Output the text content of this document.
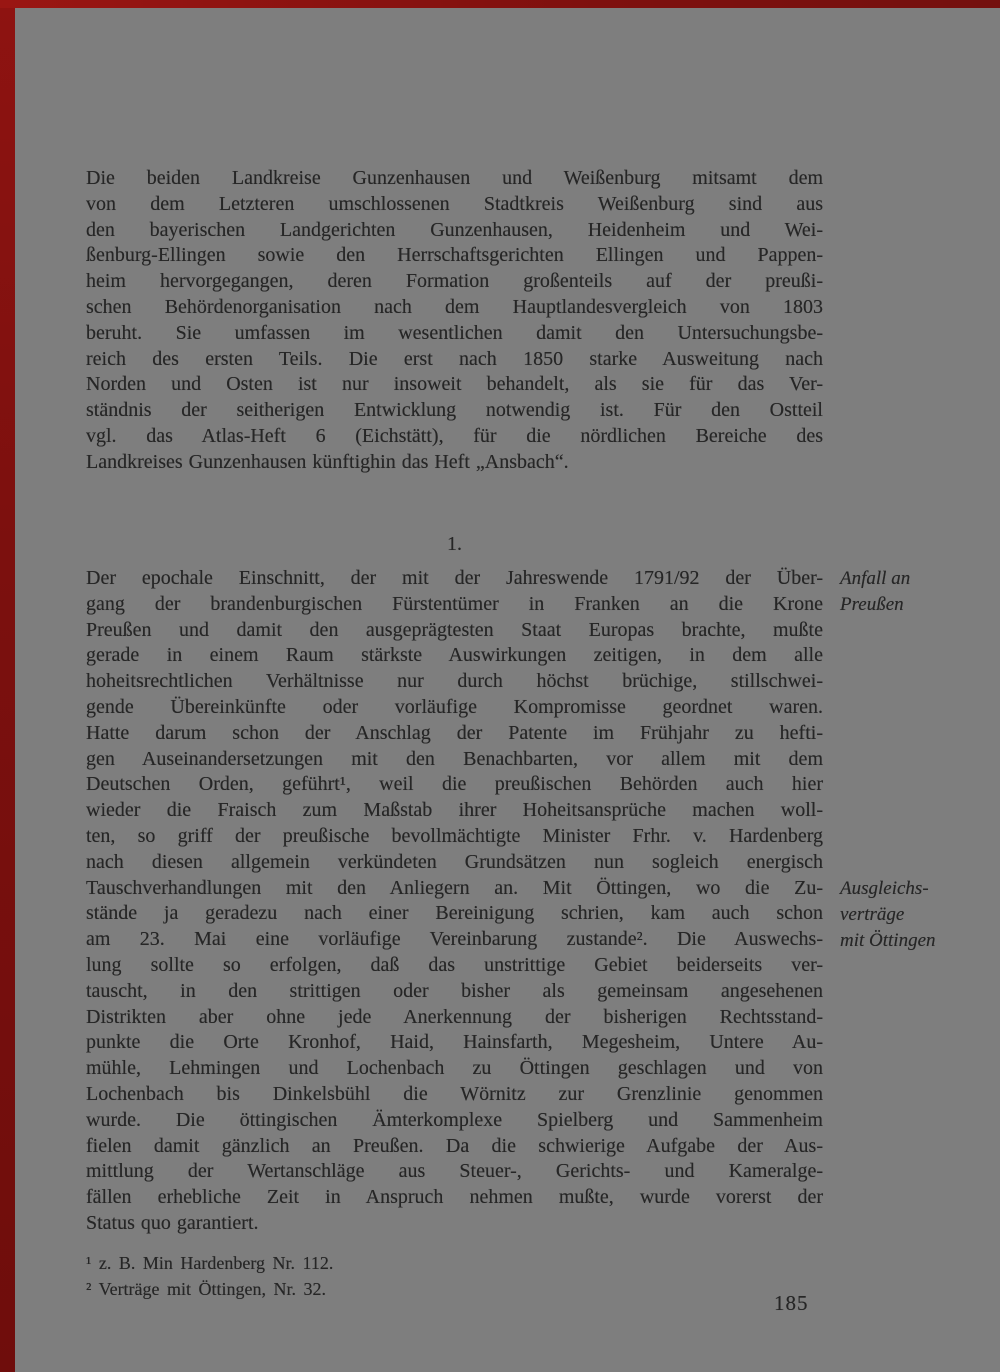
Die beiden Landkreise Gunzenhausen und Weißenburg mitsamt dem
von dem Letzteren umschlossenen Stadtkreis Weißenburg sind aus
den bayerischen Landgerichten Gunzenhausen, Heidenheim und Wei-
ßenburg-Ellingen sowie den Herrschaftsgerichten Ellingen und Pappen-
heim hervorgegangen, deren Formation großenteils auf der preußi-
schen Behördenorganisation nach dem Hauptlandesvergleich von 1803
beruht. Sie umfassen im wesentlichen damit den Untersuchungsbe-
reich des ersten Teils. Die erst nach 1850 starke Ausweitung nach
Norden und Osten ist nur insoweit behandelt, als sie für das Ver-
ständnis der seitherigen Entwicklung notwendig ist. Für den Ostteil
vgl. das Atlas-Heft 6 (Eichstätt), für die nördlichen Bereiche des
Landkreises Gunzenhausen künftighin das Heft „Ansbach“.
1.
Der epochale Einschnitt, der mit der Jahreswende 1791/92 der Über-
gang der brandenburgischen Fürstentümer in Franken an die Krone
Preußen und damit den ausgeprägtesten Staat Europas brachte, mußte
gerade in einem Raum stärkste Auswirkungen zeitigen, in dem alle
hoheitsrechtlichen Verhältnisse nur durch höchst brüchige, stillschwei-
gende Übereinkünfte oder vorläufige Kompromisse geordnet waren.
Hatte darum schon der Anschlag der Patente im Frühjahr zu hefti-
gen Auseinandersetzungen mit den Benachbarten, vor allem mit dem
Deutschen Orden, geführt¹, weil die preußischen Behörden auch hier
wieder die Fraisch zum Maßstab ihrer Hoheitsansprüche machen woll-
ten, so griff der preußische bevollmächtigte Minister Frhr. v. Hardenberg
nach diesen allgemein verkündeten Grundsätzen nun sogleich energisch
Tauschverhandlungen mit den Anliegern an. Mit Öttingen, wo die Zu-
stände ja geradezu nach einer Bereinigung schrien, kam auch schon
am 23. Mai eine vorläufige Vereinbarung zustande². Die Auswechs-
lung sollte so erfolgen, daß das unstrittige Gebiet beiderseits ver-
tauscht, in den strittigen oder bisher als gemeinsam angesehenen
Distrikten aber ohne jede Anerkennung der bisherigen Rechtsstand-
punkte die Orte Kronhof, Haid, Hainsfarth, Megesheim, Untere Au-
mühle, Lehmingen und Lochenbach zu Öttingen geschlagen und von
Lochenbach bis Dinkelsbühl die Wörnitz zur Grenzlinie genommen
wurde. Die öttingischen Ämterkomplexe Spielberg und Sammenheim
fielen damit gänzlich an Preußen. Da die schwierige Aufgabe der Aus-
mittlung der Wertanschläge aus Steuer-, Gerichts- und Kameralge-
fällen erhebliche Zeit in Anspruch nehmen mußte, wurde vorerst der
Status quo garantiert.
Anfall an
Preußen
Ausgleichs-
verträge
mit Öttingen
¹ z. B. Min Hardenberg Nr. 112.
² Verträge mit Öttingen, Nr. 32.
185
